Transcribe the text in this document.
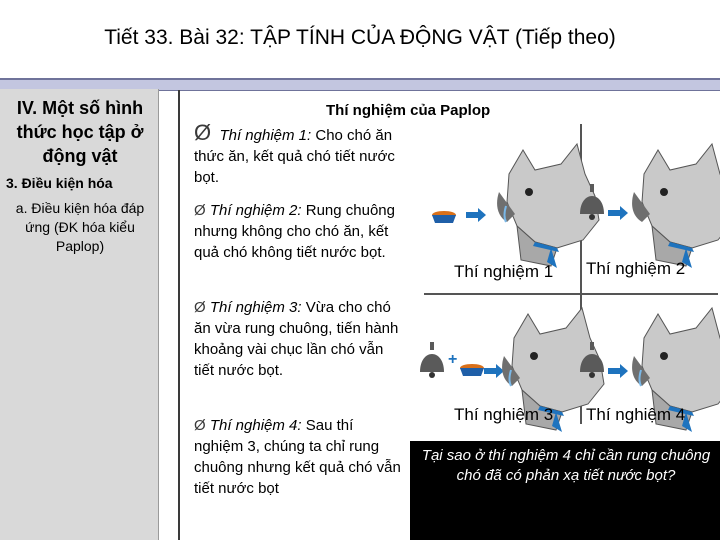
Tiết 33. Bài 32: TẬP TÍNH CỦA ĐỘNG VẬT (Tiếp theo)
IV. Một số hình thức học tập ở động vật
3. Điều kiện hóa
a. Điều kiện hóa đáp ứng (ĐK hóa kiểu Paplop)
Thí nghiệm của Paplop
Ø Thí nghiệm 1: Cho chó ăn thức ăn, kết quả chó tiết nước bọt.
Ø Thí nghiệm 2: Rung chuông nhưng không cho chó ăn, kết quả chó không tiết nước bọt.
Ø Thí nghiệm 3: Vừa cho chó ăn vừa rung chuông, tiến hành khoảng vài chục lần chó vẫn tiết nước bọt.
Ø Thí nghiệm 4: Sau thí nghiệm 3, chúng ta chỉ rung chuông nhưng kết quả chó vẫn tiết nước bọt
+
Thí nghiệm 1 Thí nghiệm 2
Thí nghiệm 3 Thí nghiệm 4
Tại sao ở thí nghiệm 4 chỉ cần rung chuông chó đã có phản xạ tiết nước bọt?
